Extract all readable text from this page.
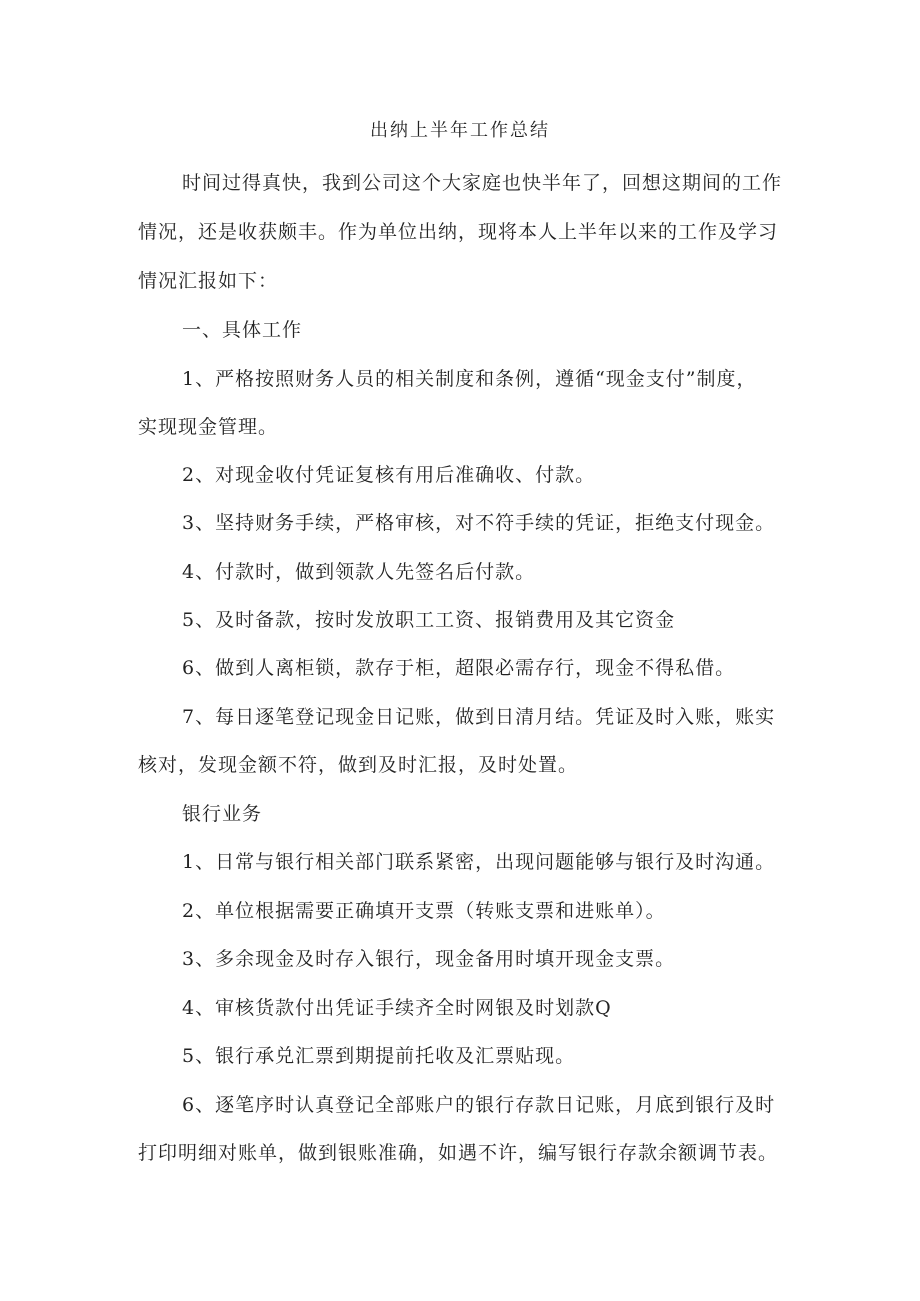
出纳上半年工作总结
时间过得真快，我到公司这个大家庭也快半年了，回想这期间的工作
情况，还是收获颇丰。作为单位出纳，现将本人上半年以来的工作及学习
情况汇报如下：
一、具体工作
1、严格按照财务人员的相关制度和条例，遵循“现金支付”制度，
实现现金管理。
2、对现金收付凭证复核有用后准确收、付款。
3、坚持财务手续，严格审核，对不符手续的凭证，拒绝支付现金。
4、付款时，做到领款人先签名后付款。
5、及时备款，按时发放职工工资、报销费用及其它资金
6、做到人离柜锁，款存于柜，超限必需存行，现金不得私借。
7、每日逐笔登记现金日记账，做到日清月结。凭证及时入账，账实
核对，发现金额不符，做到及时汇报，及时处置。
银行业务
1、日常与银行相关部门联系紧密，出现问题能够与银行及时沟通。
2、单位根据需要正确填开支票（转账支票和进账单）。
3、多余现金及时存入银行，现金备用时填开现金支票。
4、审核货款付出凭证手续齐全时网银及时划款Q
5、银行承兑汇票到期提前托收及汇票贴现。
6、逐笔序时认真登记全部账户的银行存款日记账，月底到银行及时
打印明细对账单，做到银账准确，如遇不许，编写银行存款余额调节表。
